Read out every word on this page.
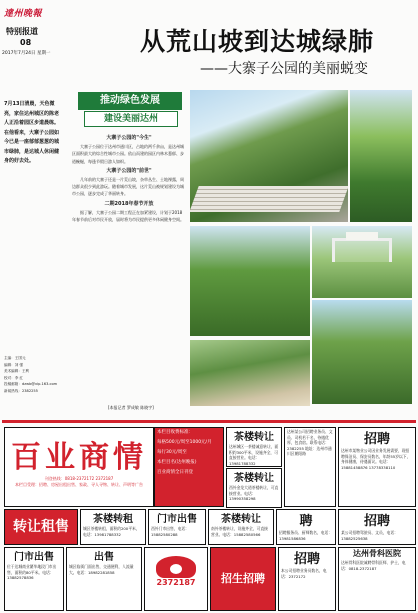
達州晚報
特别报道
08
2017年7月24日 星期一
7月13日清晨，天色微亮，家住达州城区的陈老人正沿着园区步道晨练。在他看来，大寨子公园如今已是一座郁郁葱葱的城市绿肺，是达城人休闲健身的好去处。
主编：王国元
编辑：刘 强
美术编辑：王利
校对：李 红
投稿邮箱：dzwb@vip.163.com
新闻热线：2382255
从荒山坡到达城绿肺
——大寨子公园的美丽蜕变
推动绿色发展
建设美丽达州
大寨子公园的"今生"

大寨子公园位于达州市通川区，占地约两千余亩，是达州城区面积最大的综合性城市公园。依山而建的园区内林木葱郁、步道蜿蜒，每逢节假日游人如织。

大寨子公园的"前世"

几年前的大寨子还是一片荒山坡，杂草丛生、土地裸露，周边群众很少到此游玩。随着城市发展，这片荒山被规划建设为城市公园，逐步完成了华丽转身。

二期2018年春节开放

据了解，大寨子公园二期工程正在加紧建设，计划于2018年春节前后对市民开放，届时将为市民提供更多休闲健身空间。

[本报记者 罗成敏 陈晓宇]
百业商情
刊登热线：0818-2372172 2372187
本栏目受理：招聘、房屋出租出售、家政、寻人寻物、转让、声明等广告
本栏目收费标准：
每格500元/周至1000元/月
每行30元/周至
本栏目名(达州晚报)
百业商情全日刊登
茶楼转让
达州城区一茶楼诚意转让，面积约300平米，设施齐全，可直接营业。电话：13981788332
茶楼转让
西外金龙大道茶楼转让，可直接营业。电话：13990358298
达州某公司招聘业务员、文员、司机若干名，待遇优厚，包食宿。联系电话：2382255 地址：达州市通川区朝阳路
招聘
达州市某物业公司因业务发展需要，现招聘保洁员、保安员数名，年龄55岁以下，身体健康，待遇面议。电话：15881458876 13778338110
转让租售	茶楼转租
城区茶楼转租，面积约200平米，电话：13981788332
门市出售
西外门市出售，电话：15882580288
茶楼转让
南外茶楼转让，设施齐全，可直接营业。电话：15882580566
聘
招聘服务员、厨师数名，电话：13981586836
招聘
某公司招聘驾驶员、文员，电话：13882525638
门市出售
位于达城商业繁华地段门市出售，面积约80平米。电话：13882578836
出售
城区临街门面出售，交通便利，人流量大。电话：18982281858
2372187	招生招聘
招聘
本公司招聘业务员数名，电话：2372172
达州骨科医院
达州骨科医院诚聘骨科医师、护士，电话：0818-2372187
